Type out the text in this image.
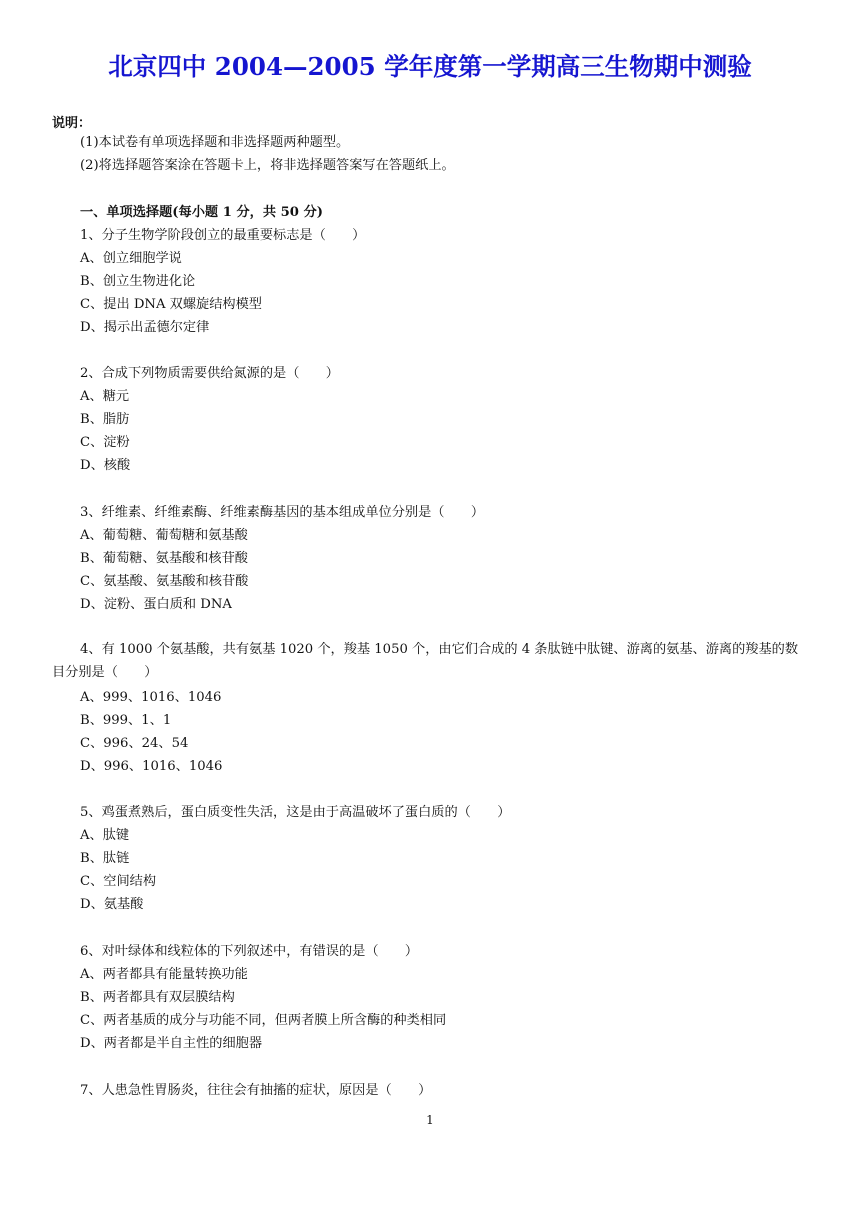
北京四中 2004—2005 学年度第一学期高三生物期中测验
说明：
(1)本试卷有单项选择题和非选择题两种题型。
(2)将选择题答案涂在答题卡上，将非选择题答案写在答题纸上。
一、单项选择题(每小题 1 分，共 50 分)
1、分子生物学阶段创立的最重要标志是（　　）
A、创立细胞学说
B、创立生物进化论
C、提出 DNA 双螺旋结构模型
D、揭示出孟德尔定律
2、合成下列物质需要供给氮源的是（　　）
A、糖元
B、脂肪
C、淀粉
D、核酸
3、纤维素、纤维素酶、纤维素酶基因的基本组成单位分别是（　　）
A、葡萄糖、葡萄糖和氨基酸
B、葡萄糖、氨基酸和核苷酸
C、氨基酸、氨基酸和核苷酸
D、淀粉、蛋白质和 DNA
4、有 1000 个氨基酸，共有氨基 1020 个，羧基 1050 个，由它们合成的 4 条肽链中肽键、游离的氨基、游离的羧基的数目分别是（　　）
A、999、1016、1046
B、999、1、1
C、996、24、54
D、996、1016、1046
5、鸡蛋煮熟后，蛋白质变性失活，这是由于高温破坏了蛋白质的（　　）
A、肽键
B、肽链
C、空间结构
D、氨基酸
6、对叶绿体和线粒体的下列叙述中，有错误的是（　　）
A、两者都具有能量转换功能
B、两者都具有双层膜结构
C、两者基质的成分与功能不同，但两者膜上所含酶的种类相同
D、两者都是半自主性的细胞器
7、人患急性胃肠炎，往往会有抽搐的症状，原因是（　　）
1
